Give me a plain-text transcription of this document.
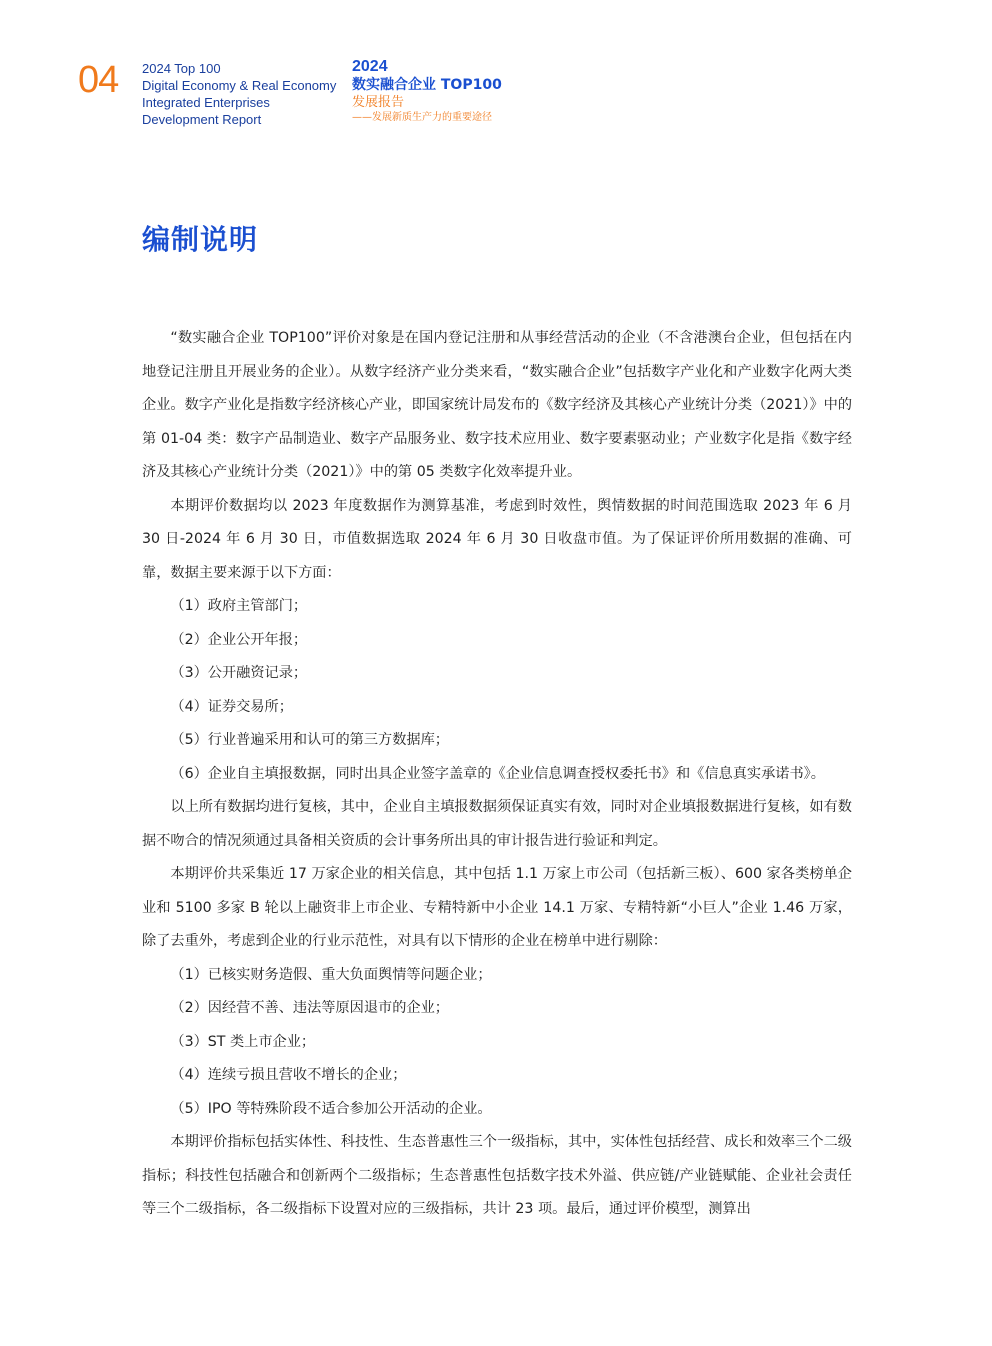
04 2024 Top 100
Digital Economy & Real Economy
Integrated Enterprises
Development Report
2024
数实融合企业 TOP100
发展报告
——发展新质生产力的重要途径
编制说明

“数实融合企业 TOP100”评价对象是在国内登记注册和从事经营活动的企业（不含港澳台企业，但包括在内地登记注册且开展业务的企业）。从数字经济产业分类来看，“数实融合企业”包括数字产业化和产业数字化两大类企业。数字产业化是指数字经济核心产业，即国家统计局发布的《数字经济及其核心产业统计分类（2021）》中的第 01-04 类：数字产品制造业、数字产品服务业、数字技术应用业、数字要素驱动业；产业数字化是指《数字经济及其核心产业统计分类（2021）》中的第 05 类数字化效率提升业。

本期评价数据均以 2023 年度数据作为测算基准，考虑到时效性，舆情数据的时间范围选取 2023 年 6 月 30 日-2024 年 6 月 30 日，市值数据选取 2024 年 6 月 30 日收盘市值。为了保证评价所用数据的准确、可靠，数据主要来源于以下方面：

（1）政府主管部门；

（2）企业公开年报；

（3）公开融资记录；

（4）证券交易所；

（5）行业普遍采用和认可的第三方数据库；

（6）企业自主填报数据，同时出具企业签字盖章的《企业信息调查授权委托书》和《信息真实承诺书》。

以上所有数据均进行复核，其中，企业自主填报数据须保证真实有效，同时对企业填报数据进行复核，如有数据不吻合的情况须通过具备相关资质的会计事务所出具的审计报告进行验证和判定。

本期评价共采集近 17 万家企业的相关信息，其中包括 1.1 万家上市公司（包括新三板）、600 家各类榜单企业和 5100 多家 B 轮以上融资非上市企业、专精特新中小企业 14.1 万家、专精特新“小巨人”企业 1.46 万家，除了去重外，考虑到企业的行业示范性，对具有以下情形的企业在榜单中进行剔除：

（1）已核实财务造假、重大负面舆情等问题企业；

（2）因经营不善、违法等原因退市的企业；

（3）ST 类上市企业；

（4）连续亏损且营收不增长的企业；

（5）IPO 等特殊阶段不适合参加公开活动的企业。

本期评价指标包括实体性、科技性、生态普惠性三个一级指标，其中，实体性包括经营、成长和效率三个二级指标；科技性包括融合和创新两个二级指标；生态普惠性包括数字技术外溢、供应链/产业链赋能、企业社会责任等三个二级指标，各二级指标下设置对应的三级指标，共计 23 项。最后，通过评价模型，测算出
